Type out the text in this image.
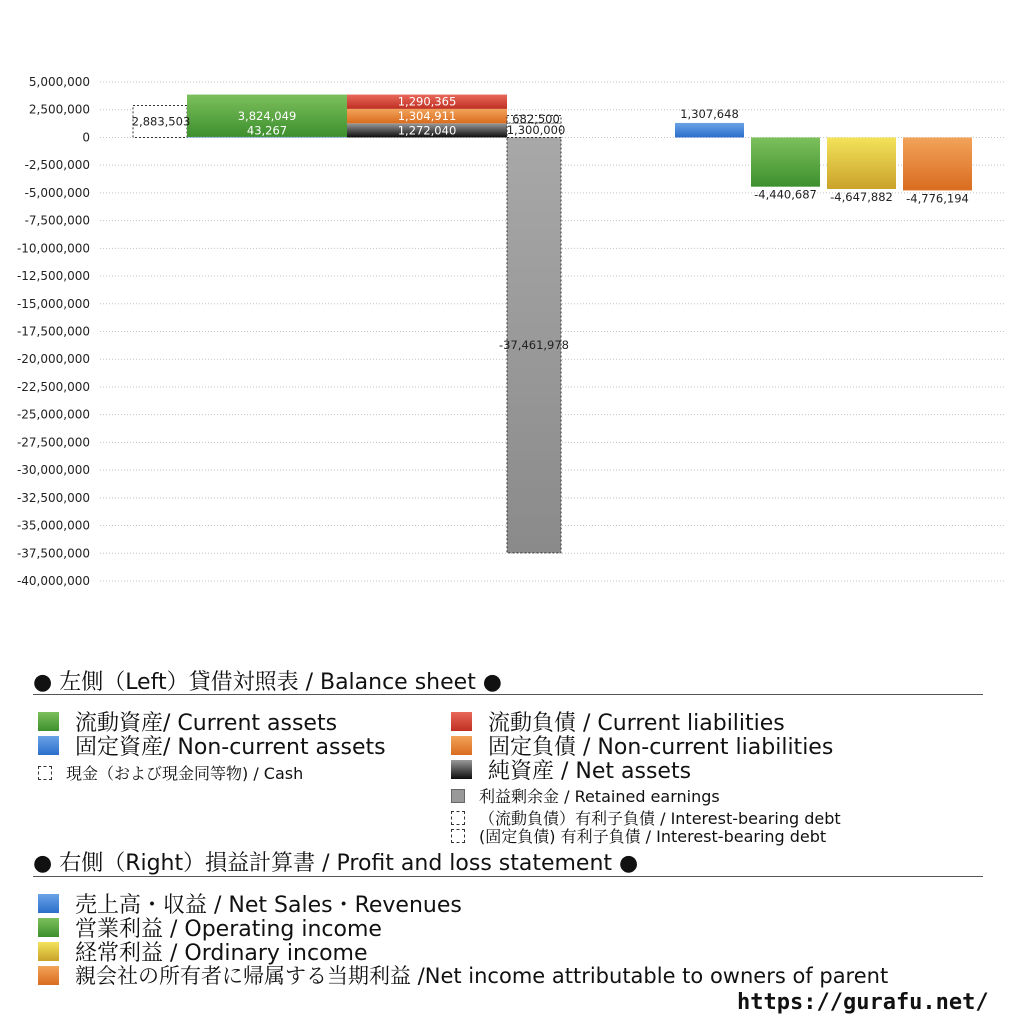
5,000,000
2,500,000
0
-2,500,000
-5,000,000
-7,500,000
-10,000,000
-12,500,000
-15,000,000
-17,500,000
-20,000,000
-22,500,000
-25,000,000
-27,500,000
-30,000,000
-32,500,000
-35,000,000
-37,500,000
-40,000,000
2,883,503	3,824,049
43,267
1,290,365
1,304,911
1,272,040
682,500
1,300,000
-37,461,978
1,307,648
-4,440,687 -4,647,882 -4,776,194
● 左側（Left）貸借対照表 / Balance sheet ●
流動資産/ Current assets
固定資産/ Non-current assets
現金（および現金同等物) / Cash
流動負債 / Current liabilities
固定負債 / Non-current liabilities
純資産 / Net assets
利益剰余金 / Retained earnings
（流動負債）有利子負債 / Interest-bearing debt
(固定負債) 有利子負債 / Interest-bearing debt
● 右側（Right）損益計算書 / Profit and loss statement ●
売上高・収益 / Net Sales・Revenues
営業利益 / Operating income
経常利益 / Ordinary income
親会社の所有者に帰属する当期利益 /Net income attributable to owners of parent
https://gurafu.net/
